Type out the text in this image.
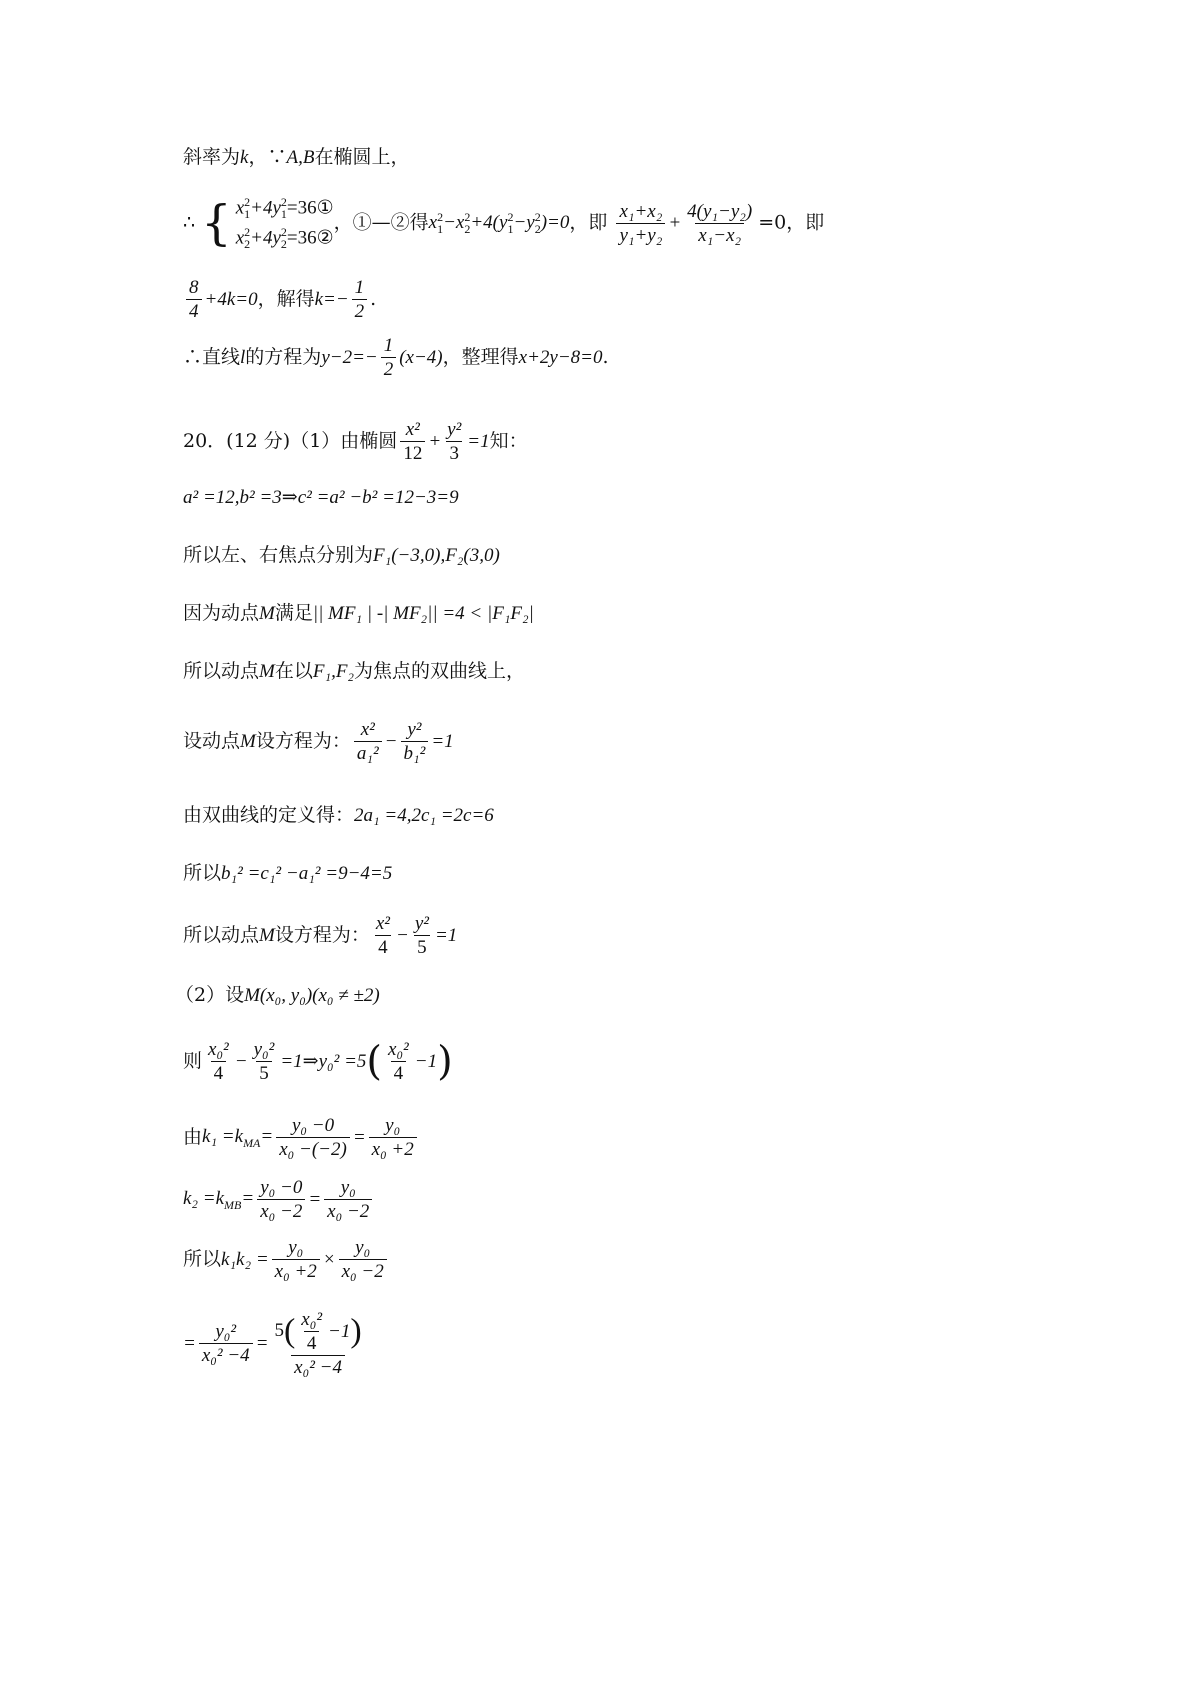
斜率为k，∵A,B在椭圆上，
∴ { $x_1^2+4y_1^2=36①$
$x_2^2+4y_2^2=36②$
，①—②得$x_1^2-x_2^2+4(y_1^2-y_2^2)=0$，即 $\frac{\text{x₁+x₂}}{\text{y₁+y₂}} + \frac{\text{4(y₁−y₂)}}{\text{x₁−x₂}} =0$，即
$\frac{8}{4} +4k=0$，解得$k=- \frac{1}{2}$ .
∴直线l的方程为$y-2=- \frac{1}{2} (x-4)$，整理得x+2y−8=0.
20．(12 分)（1）由椭圆 $\frac{\text{x²}}{12} + \frac{\text{y²}}{3} =1$知：
a² =12,b² =3⇒c² =a² −b² =12−3=9
所以左、右焦点分别为F₁(−3,0),F₂(3,0)
因为动点M满足|| MF₁ | -| MF₂|| =4 < |F₁F₂|
所以动点M在以F₁,F₂为焦点的双曲线上，
设动点M设方程为： $\frac{\text{x²}}{\text{a₁²}} - \frac{\text{y²}}{\text{b₁²}} =1$
由双曲线的定义得：2a₁ =4,2c₁ =2c=6
所以b₁² =c₁² −a₁² =9−4=5
所以动点M设方程为： $\frac{\text{x²}}{4} - \frac{\text{y²}}{5} =1$
（2）设M(x₀, y₀)(x₀ ≠ ±2)
则 $\frac{\text{x₀²}}{4} - \frac{\text{y₀²}}{5}$ =1⇒y₀² $=5( \frac{\text{x₀²}}{4} -1)$
由$k_1 =k_{MA}= \frac{\text{y₀ −0}}{\text{x₀ −(−2)}} = \frac{\text{y₀}}{\text{x₀ +2}}$
$k_2 =k_{MB}= \frac{\text{y₀ −0}}{\text{x₀ −2}} = \frac{\text{y₀}}{\text{x₀ −2}}$
所以$k_1k_2 = \frac{\text{y₀}}{\text{x₀ +2}} \times \frac{\text{y₀}}{\text{x₀ −2}}$
= $\frac{\text{y₀²}}{\text{x₀² −4}} = \frac{5( \frac{\text{x₀²}}{4} -1)}{\text{x₀² −4}}$
